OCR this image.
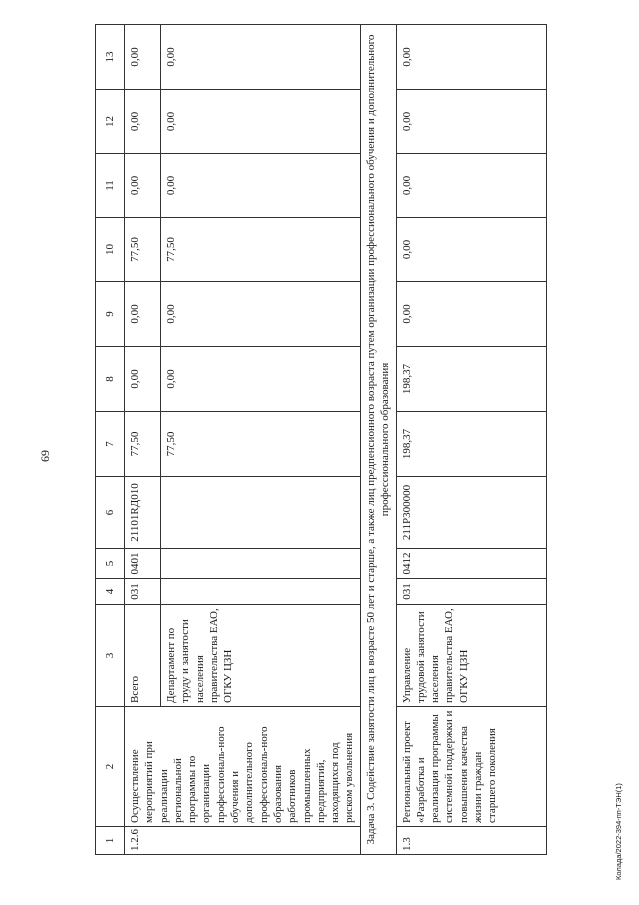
69
Колада/2022-394-пп-ТЭН(1)
1	2	3	4	5	6	7	8	9	10	11	12	13
1.2.6	Осуществление мероприятий при реализации региональной программы по организации профессиональ-ного обучения и дополнительного профессиональ-ного образования работников промышленных предприятий, находящихся под риском увольнения	Всего	031	0401	21101RД010	77,50	0,00	0,00	77,50	0,00	0,00	0,00
		Департамент по труду и занятости населения правительства ЕАО, ОГКУ ЦЗН				77,50	0,00	0,00	77,50	0,00	0,00	0,00
Задача 3. Содействие занятости лиц в возрасте 50 лет и старше, а также лиц предпенсионного возраста путем организации профессионального обучения и дополнительного профессионального образования												
1.3	Региональный проект «Разработка и реализация программы системной поддержки и повышения качества жизни граждан старшего поколения	Управление трудовой занятости населения правительства ЕАО, ОГКУ ЦЗН	031	0412	211P300000	198,37	198,37	0,00	0,00	0,00	0,00	0,00
